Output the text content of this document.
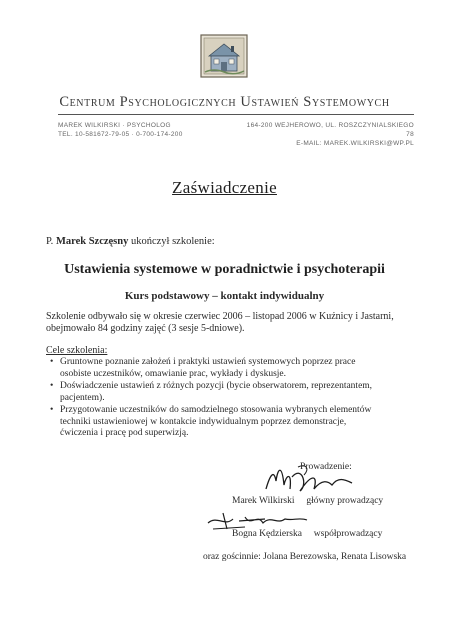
Centrum Psychologicznych Ustawień Systemowych
MAREK WILKIRSKI · PSYCHOLOG
TEL. 10-581672-79-05 · 0-700-174-200
164-200 WEJHEROWO, UL. ROSZCZYNIALSKIEGO 78
E-MAIL: MAREK.WILKIRSKI@WP.PL
Zaświadczenie
P. Marek Szczęsny ukończył szkolenie:
Ustawienia systemowe w poradnictwie i psychoterapii
Kurs podstawowy – kontakt indywidualny
Szkolenie odbywało się w okresie czerwiec 2006 – listopad 2006 w Kuźnicy i Jastarni,
obejmowało 84 godziny zajęć (3 sesje 5-dniowe).
Cele szkolenia:
• Gruntowne poznanie założeń i praktyki ustawień systemowych poprzez prace
osobiste uczestników, omawianie prac, wykłady i dyskusje.
• Doświadczenie ustawień z różnych pozycji (bycie obserwatorem, reprezentantem,
pacjentem).
• Przygotowanie uczestników do samodzielnego stosowania wybranych elementów
techniki ustawieniowej w kontakcie indywidualnym poprzez demonstracje,
ćwiczenia i pracę pod superwizją.
Prowadzenie:
Marek Wilkirski główny prowadzący
Bogna Kędzierska współprowadzący
oraz gościnnie: Jolana Berezowska, Renata Lisowska
